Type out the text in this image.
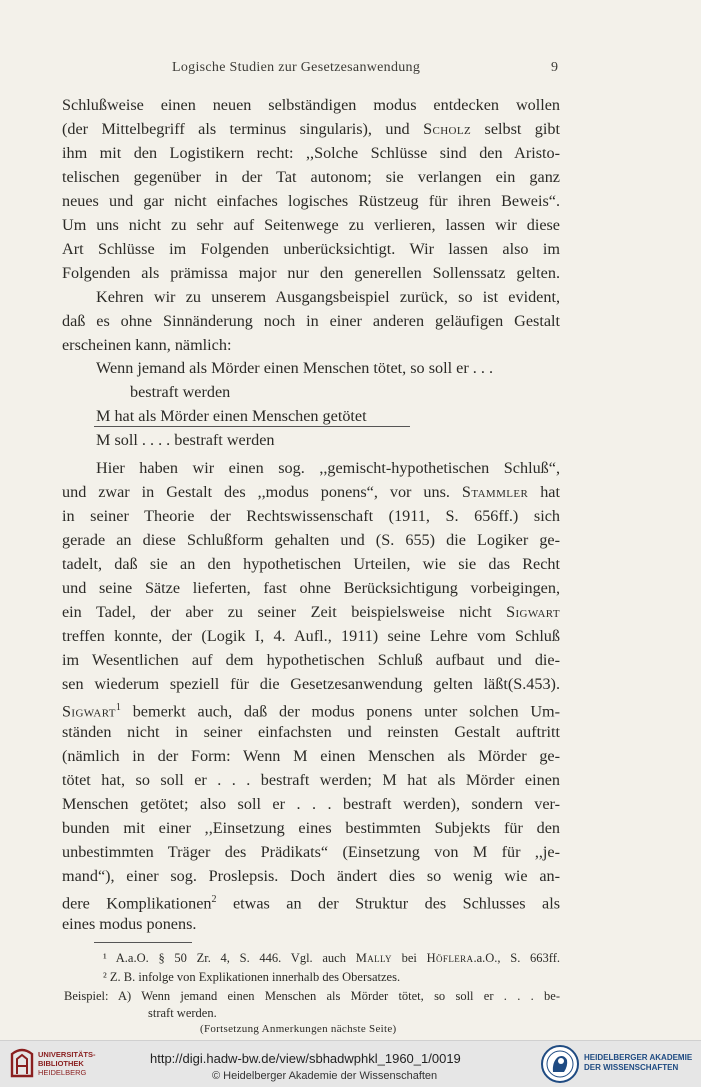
Logische Studien zur Gesetzesanwendung	9
Schlußweise einen neuen selbständigen modus entdecken wollen
(der Mittelbegriff als terminus singularis), und Scholz selbst gibt
ihm mit den Logistikern recht: ,,Solche Schlüsse sind den Aristo-
telischen gegenüber in der Tat autonom; sie verlangen ein ganz
neues und gar nicht einfaches logisches Rüstzeug für ihren Beweis“.
Um uns nicht zu sehr auf Seitenwege zu verlieren, lassen wir diese
Art Schlüsse im Folgenden unberücksichtigt. Wir lassen also im
Folgenden als prämissa major nur den generellen Sollenssatz gelten.
Kehren wir zu unserem Ausgangsbeispiel zurück, so ist evident,
daß es ohne Sinnänderung noch in einer anderen geläufigen Gestalt
erscheinen kann, nämlich:
Wenn jemand als Mörder einen Menschen tötet, so soll er . . .
bestraft werden
M hat als Mörder einen Menschen getötet
M soll . . . . bestraft werden
Hier haben wir einen sog. ,,gemischt-hypothetischen Schluß“,
und zwar in Gestalt des ,,modus ponens“, vor uns. Stammler hat
in seiner Theorie der Rechtswissenschaft (1911, S. 656ff.) sich
gerade an diese Schlußform gehalten und (S. 655) die Logiker ge-
tadelt, daß sie an den hypothetischen Urteilen, wie sie das Recht
und seine Sätze lieferten, fast ohne Berücksichtigung vorbeigingen,
ein Tadel, der aber zu seiner Zeit beispielsweise nicht Sigwart
treffen konnte, der (Logik I, 4. Aufl., 1911) seine Lehre vom Schluß
im Wesentlichen auf dem hypothetischen Schluß aufbaut und die-
sen wiederum speziell für die Gesetzesanwendung gelten läßt(S.453).
Sigwart$^1$ bemerkt auch, daß der modus ponens unter solchen Um-
ständen nicht in seiner einfachsten und reinsten Gestalt auftritt
(nämlich in der Form: Wenn M einen Menschen als Mörder ge-
tötet hat, so soll er . . . bestraft werden; M hat als Mörder einen
Menschen getötet; also soll er . . . bestraft werden), sondern ver-
bunden mit einer ,,Einsetzung eines bestimmten Subjekts für den
unbestimmten Träger des Prädikats“ (Einsetzung von M für ,,je-
mand“), einer sog. Proslepsis. Doch ändert dies so wenig wie an-
dere Komplikationen$^2$ etwas an der Struktur des Schlusses als
eines modus ponens.
¹ A.a.O. § 50 Zr. 4, S. 446. Vgl. auch Mally bei Höflera.a.O., S. 663ff.
² Z. B. infolge von Explikationen innerhalb des Obersatzes.
Beispiel: A) Wenn jemand einen Menschen als Mörder tötet, so soll er . . . be-
straft werden.
(Fortsetzung Anmerkungen nächste Seite)
UNIVERSITÄTS-
BIBLIOTHEK
HEIDELBERG
http://digi.hadw-bw.de/view/sbhadwphkl_1960_1/0019
© Heidelberger Akademie der Wissenschaften
HEIDELBERGER AKADEMIE
DER WISSENSCHAFTEN
